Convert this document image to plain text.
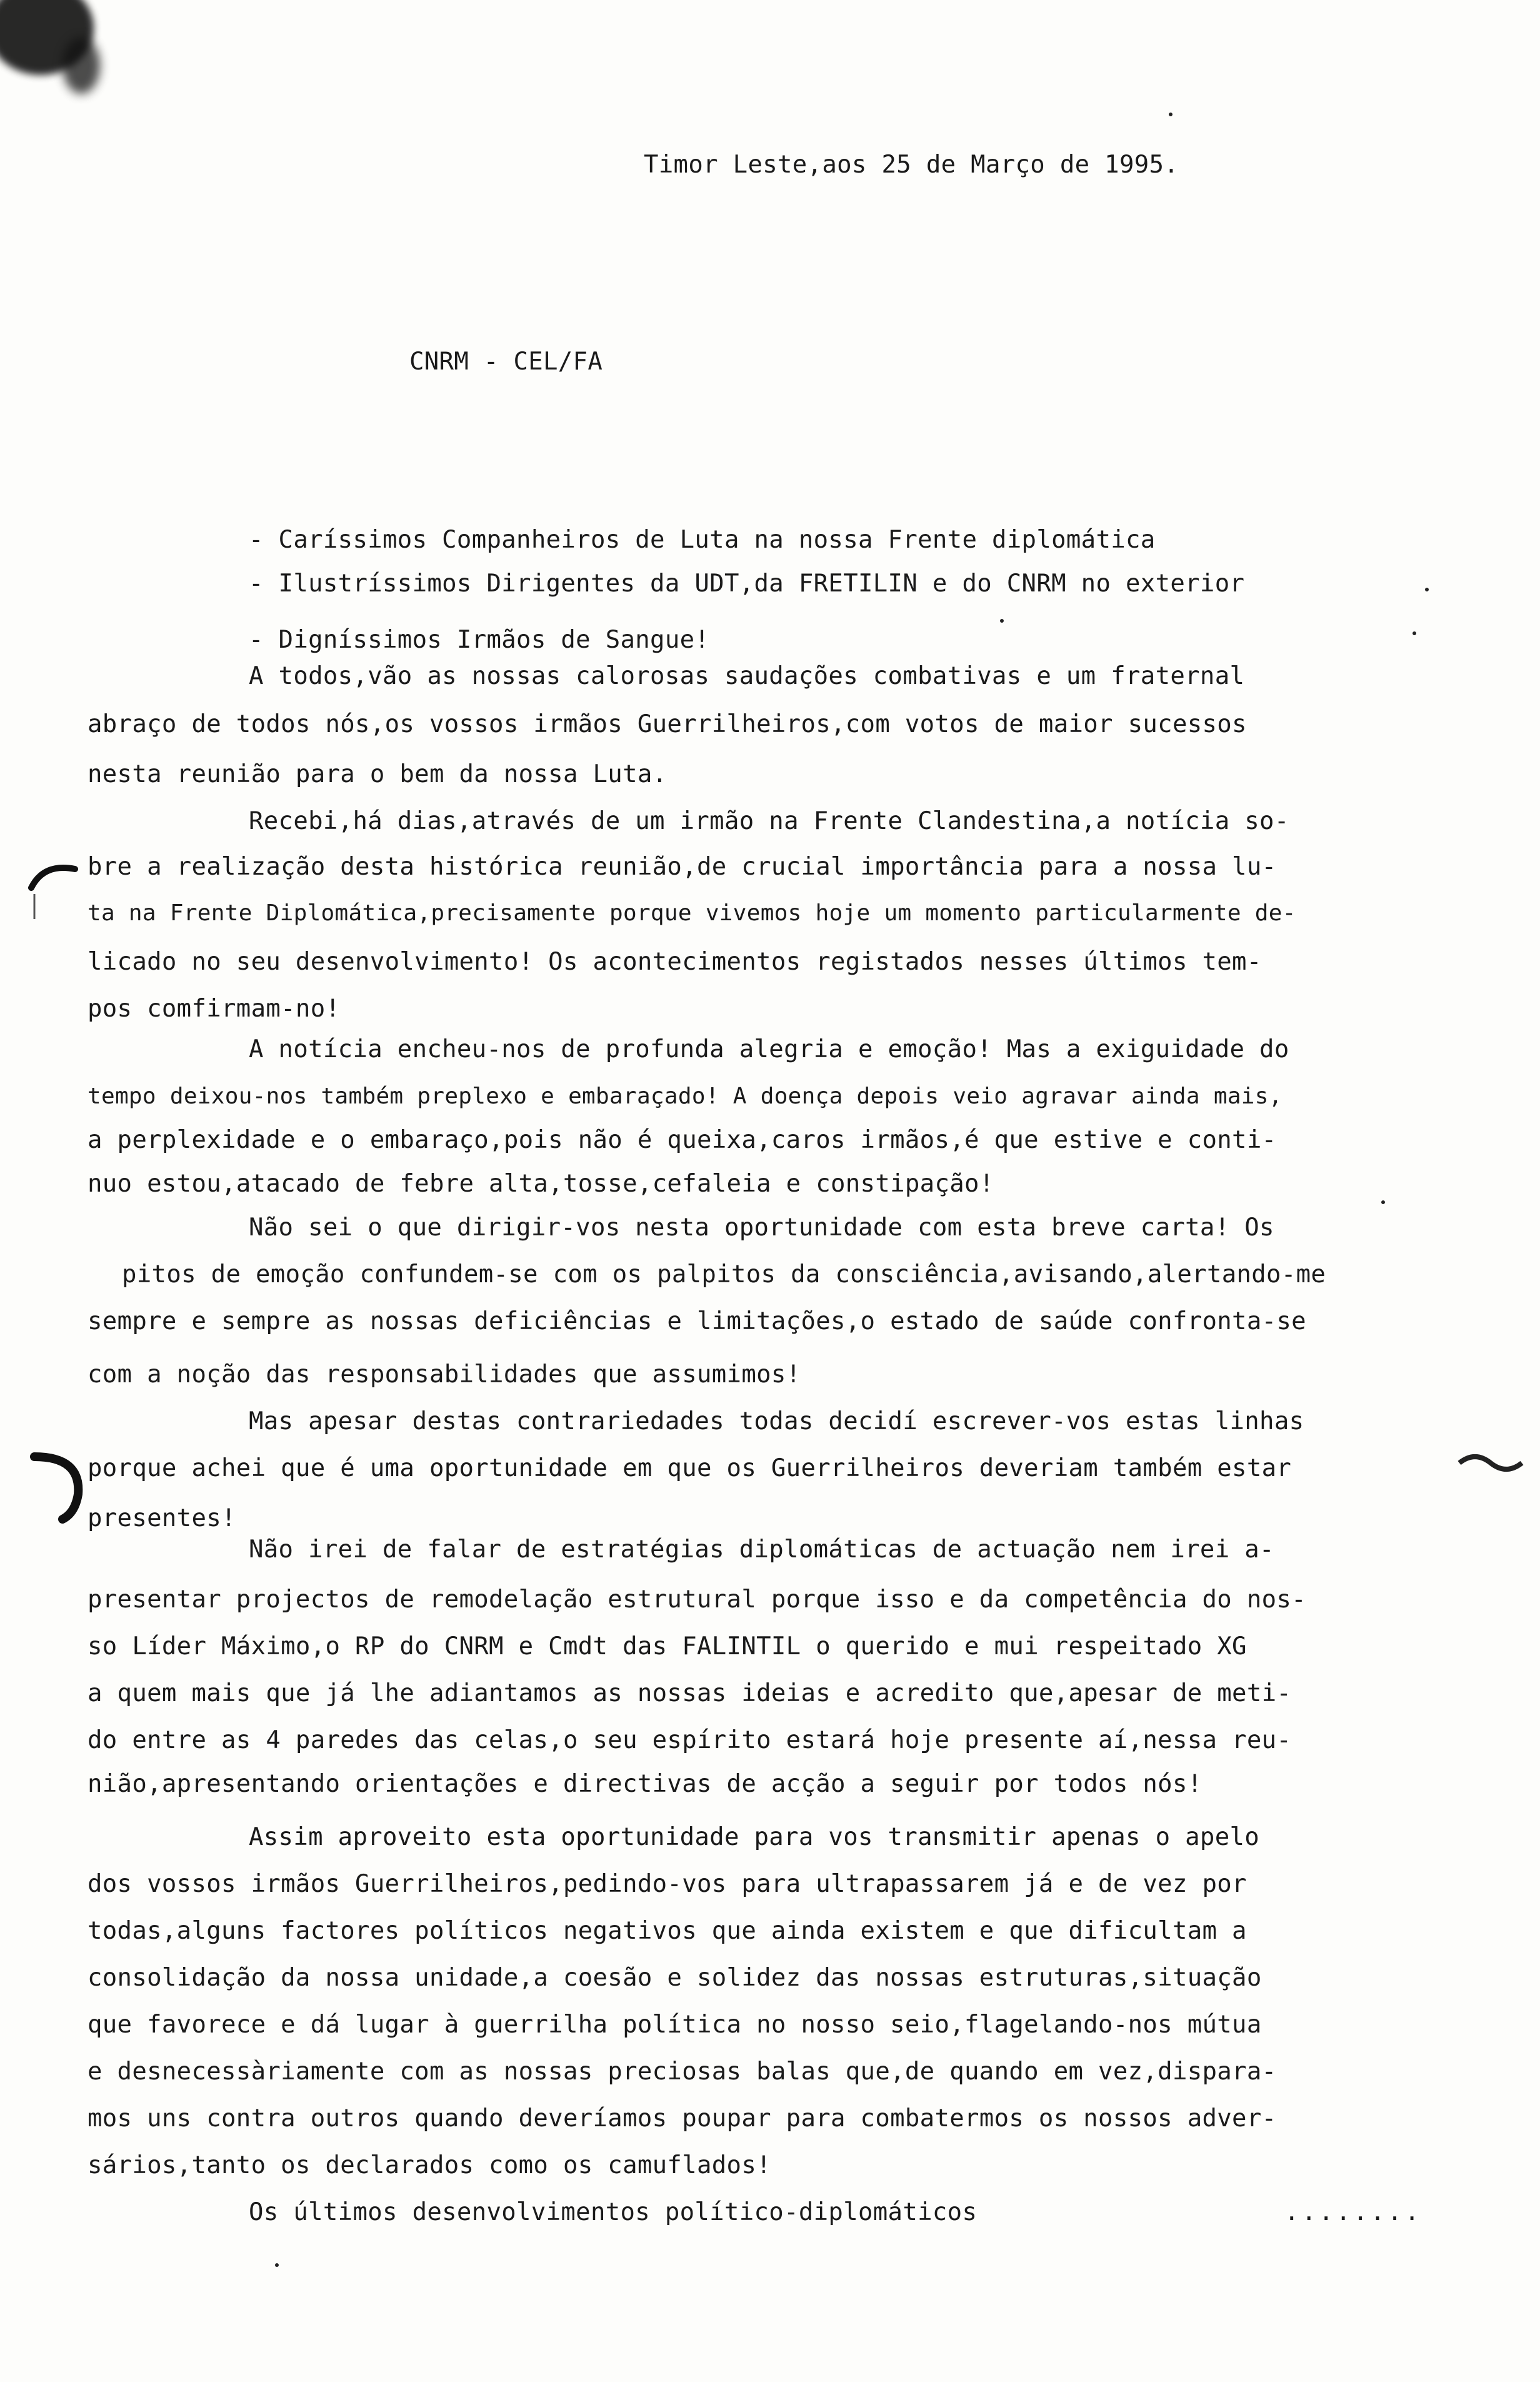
Timor Leste,aos 25 de Março de 1995.
CNRM - CEL/FA
- Caríssimos Companheiros de Luta na nossa Frente diplomática
- Ilustríssimos Dirigentes da UDT,da FRETILIN e do CNRM no exterior
- Digníssimos Irmãos de Sangue!
A todos,vão as nossas calorosas saudações combativas e um fraternal
abraço de todos nós,os vossos irmãos Guerrilheiros,com votos de maior sucessos
nesta reunião para o bem da nossa Luta.
Recebi,há dias,através de um irmão na Frente Clandestina,a notícia so-
bre a realização desta histórica reunião,de crucial importância para a nossa lu-
ta na Frente Diplomática,precisamente porque vivemos hoje um momento particularmente de-
licado no seu desenvolvimento! Os acontecimentos registados nesses últimos tem-
pos comfirmam-no!
A notícia encheu-nos de profunda alegria e emoção! Mas a exiguidade do
tempo deixou-nos também preplexo e embaraçado! A doença depois veio agravar ainda mais,
a perplexidade e o embaraço,pois não é queixa,caros irmãos,é que estive e conti-
nuo estou,atacado de febre alta,tosse,cefaleia e constipação!
Não sei o que dirigir-vos nesta oportunidade com esta breve carta! Os
pitos de emoção confundem-se com os palpitos da consciência,avisando,alertando-me
sempre e sempre as nossas deficiências e limitações,o estado de saúde confronta-se
com a noção das responsabilidades que assumimos!
Mas apesar destas contrariedades todas decidí escrever-vos estas linhas
porque achei que é uma oportunidade em que os Guerrilheiros deveriam também estar
presentes!
Não irei de falar de estratégias diplomáticas de actuação nem irei a-
presentar projectos de remodelação estrutural porque isso e da competência do nos-
so Líder Máximo,o RP do CNRM e Cmdt das FALINTIL o querido e mui respeitado XG
a quem mais que já lhe adiantamos as nossas ideias e acredito que,apesar de meti-
do entre as 4 paredes das celas,o seu espírito estará hoje presente aí,nessa reu-
nião,apresentando orientações e directivas de acção a seguir por todos nós!
Assim aproveito esta oportunidade para vos transmitir apenas o apelo
dos vossos irmãos Guerrilheiros,pedindo-vos para ultrapassarem já e de vez por
todas,alguns factores políticos negativos que ainda existem e que dificultam a
consolidação da nossa unidade,a coesão e solidez das nossas estruturas,situação
que favorece e dá lugar à guerrilha política no nosso seio,flagelando-nos mútua
e desnecessàriamente com as nossas preciosas balas que,de quando em vez,dispara-
mos uns contra outros quando deveríamos poupar para combatermos os nossos adver-
sários,tanto os declarados como os camuflados!
Os últimos desenvolvimentos político-diplomáticos	........
